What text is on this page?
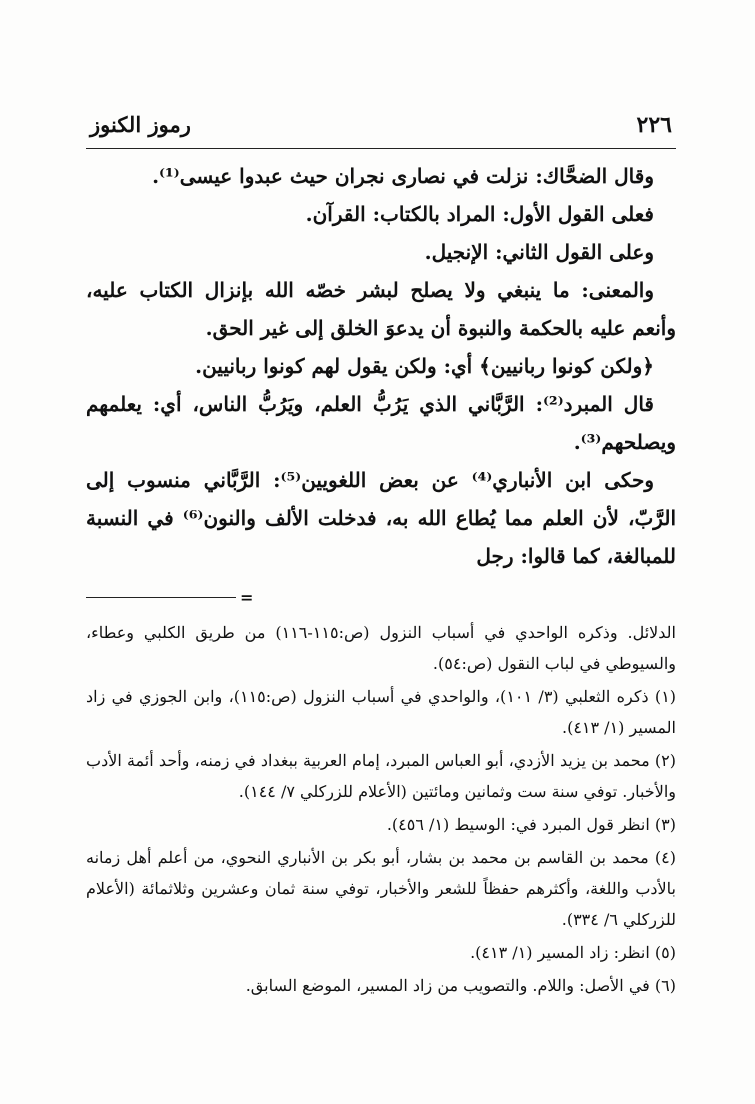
٢٢٦
رموز الكنوز

وقال الضحَّاك: نزلت في نصارى نجران حيث عبدوا عيسى⁽¹⁾.

فعلى القول الأول: المراد بالكتاب: القرآن.

وعلى القول الثاني: الإنجيل.

والمعنى: ما ينبغي ولا يصلح لبشر خصّه الله بإنزال الكتاب عليه، وأنعم عليه بالحكمة والنبوة أن يدعوَ الخلق إلى غير الحق.

﴿ولكن كونوا ربانيين﴾ أي: ولكن يقول لهم كونوا ربانيين.

قال المبرد⁽²⁾: الرَّبَّاني الذي يَرُبُّ العلم، ويَرُبُّ الناس، أي: يعلمهم ويصلحهم⁽³⁾.

وحكى ابن الأنباري⁽⁴⁾ عن بعض اللغويين⁽⁵⁾: الرَّبَّاني منسوب إلى الرَّبّ، لأن العلم مما يُطاع الله به، فدخلت الألف والنون⁽⁶⁾ في النسبة للمبالغة، كما قالوا: رجل

=

الدلائل. وذكره الواحدي في أسباب النزول (ص:١١٥-١١٦) من طريق الكلبي وعطاء، والسيوطي في لباب النقول (ص:٥٤).

(١) ذكره الثعلبي (٣/ ١٠١)، والواحدي في أسباب النزول (ص:١١٥)، وابن الجوزي في زاد المسير (١/ ٤١٣).

(٢) محمد بن يزيد الأزدي، أبو العباس المبرد، إمام العربية ببغداد في زمنه، وأحد أئمة الأدب والأخبار. توفي سنة ست وثمانين ومائتين (الأعلام للزركلي ٧/ ١٤٤).

(٣) انظر قول المبرد في: الوسيط (١/ ٤٥٦).

(٤) محمد بن القاسم بن محمد بن بشار، أبو بكر بن الأنباري النحوي، من أعلم أهل زمانه بالأدب واللغة، وأكثرهم حفظاً للشعر والأخبار، توفي سنة ثمان وعشرين وثلاثمائة (الأعلام للزركلي ٦/ ٣٣٤).

(٥) انظر: زاد المسير (١/ ٤١٣).

(٦) في الأصل: واللام. والتصويب من زاد المسير، الموضع السابق.
